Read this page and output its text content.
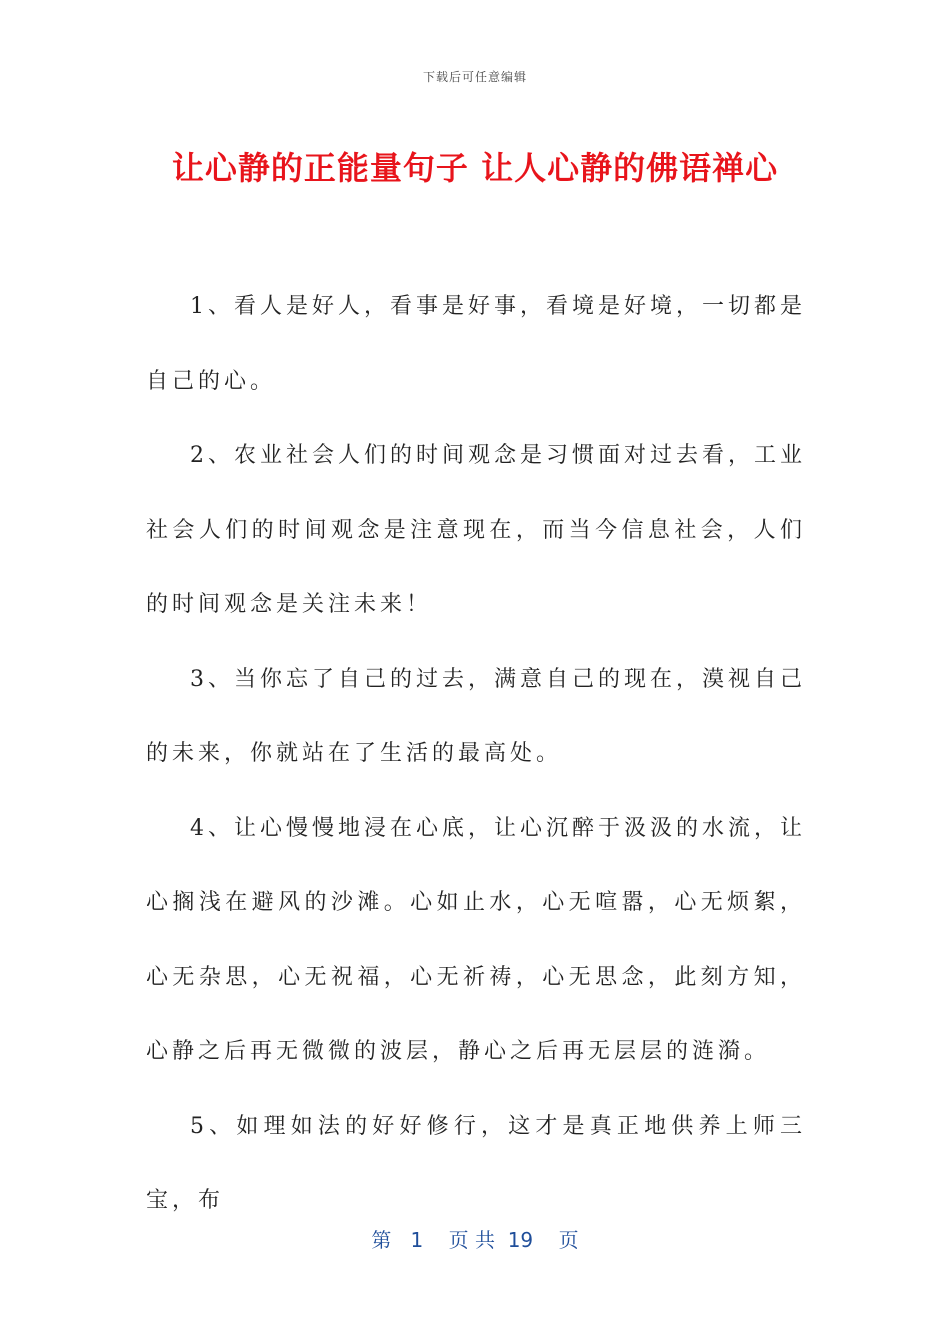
下载后可任意编辑
让心静的正能量句子 让人心静的佛语禅心

1、看人是好人，看事是好事，看境是好境，一切都是自己的心。

2、农业社会人们的时间观念是习惯面对过去看，工业社会人们的时间观念是注意现在，而当今信息社会，人们的时间观念是关注未来！

3、当你忘了自己的过去，满意自己的现在，漠视自己的未来，你就站在了生活的最高处。

4、让心慢慢地浸在心底，让心沉醉于汲汲的水流，让心搁浅在避风的沙滩。心如止水，心无喧嚣，心无烦絮，心无杂思，心无祝福，心无祈祷，心无思念，此刻方知，心静之后再无微微的波层，静心之后再无层层的涟漪。

5、如理如法的好好修行，这才是真正地供养上师三宝，布

第   1    页 共  19    页
